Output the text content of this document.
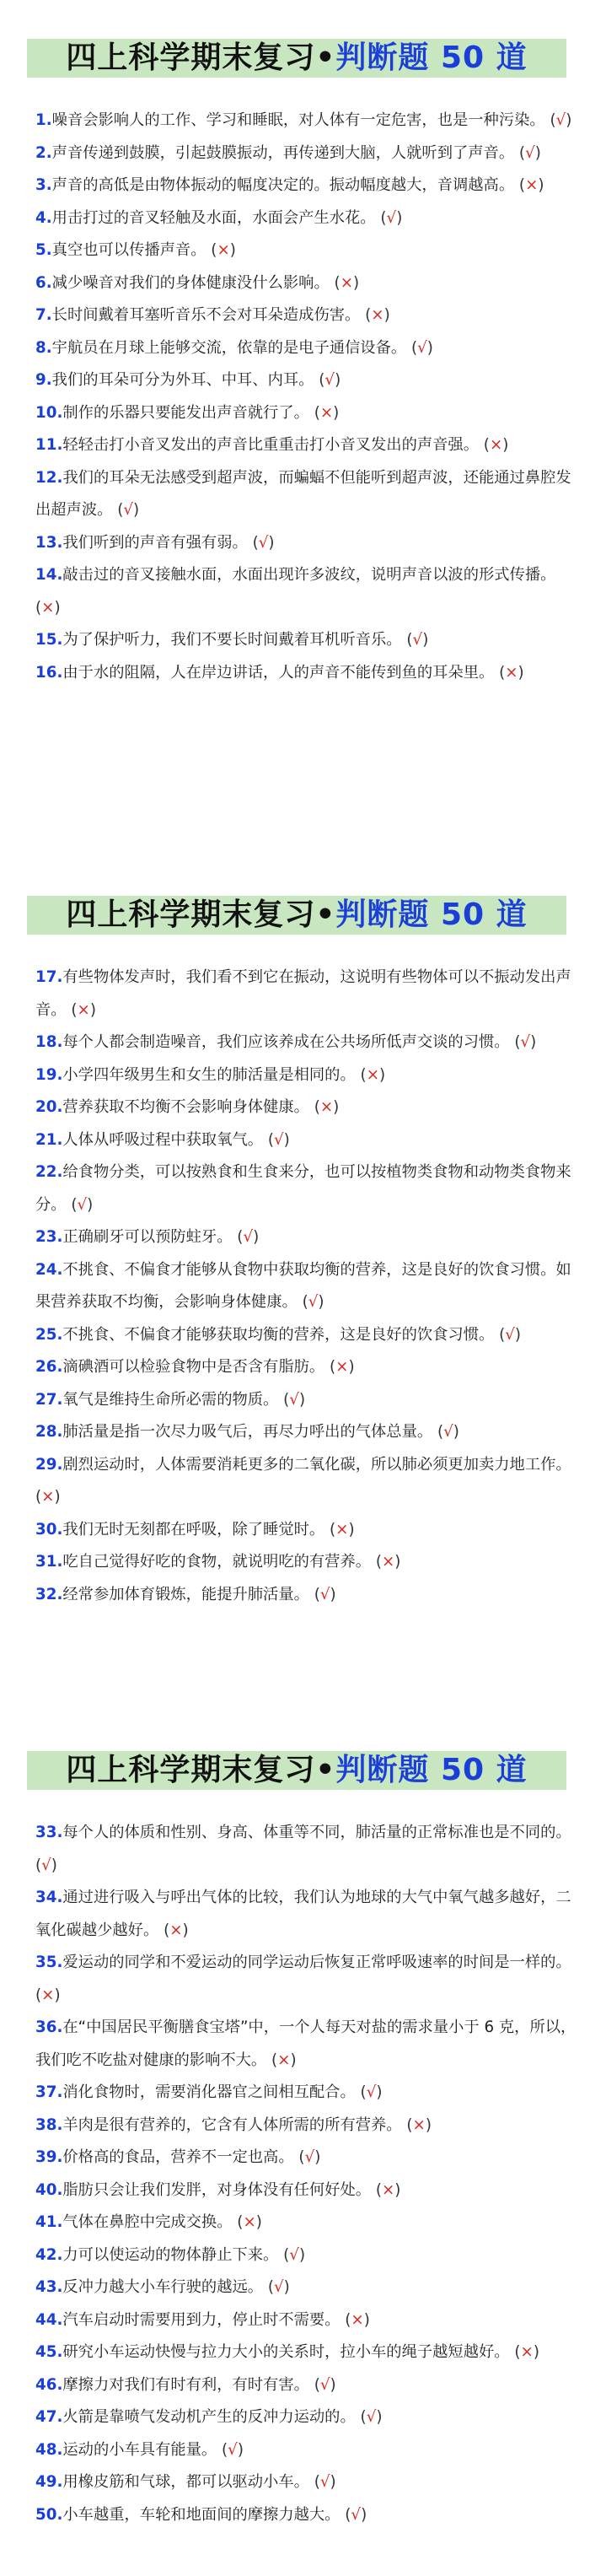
四上科学期末复习•判断题 50 道
1.噪音会影响人的工作、学习和睡眠，对人体有一定危害，也是一种污染。 (√)
2.声音传递到鼓膜，引起鼓膜振动，再传递到大脑，人就听到了声音。 (√)
3.声音的高低是由物体振动的幅度决定的。振动幅度越大，音调越高。 (×)
4.用击打过的音叉轻触及水面，水面会产生水花。 (√)
5.真空也可以传播声音。 (×)
6.减少噪音对我们的身体健康没什么影响。 (×)
7.长时间戴着耳塞听音乐不会对耳朵造成伤害。 (×)
8.宇航员在月球上能够交流，依靠的是电子通信设备。 (√)
9.我们的耳朵可分为外耳、中耳、内耳。 (√)
10.制作的乐器只要能发出声音就行了。 (×)
11.轻轻击打小音叉发出的声音比重重击打小音叉发出的声音强。 (×)
12.我们的耳朵无法感受到超声波，而蝙蝠不但能听到超声波，还能通过鼻腔发出超声波。 (√)
13.我们听到的声音有强有弱。 (√)
14.敲击过的音叉接触水面，水面出现许多波纹，说明声音以波的形式传播。 (×)
15.为了保护听力，我们不要长时间戴着耳机听音乐。 (√)
16.由于水的阻隔，人在岸边讲话，人的声音不能传到鱼的耳朵里。 (×)
四上科学期末复习•判断题 50 道
17.有些物体发声时，我们看不到它在振动，这说明有些物体可以不振动发出声音。 (×)
18.每个人都会制造噪音，我们应该养成在公共场所低声交谈的习惯。 (√)
19.小学四年级男生和女生的肺活量是相同的。 (×)
20.营养获取不均衡不会影响身体健康。 (×)
21.人体从呼吸过程中获取氧气。 (√)
22.给食物分类，可以按熟食和生食来分，也可以按植物类食物和动物类食物来分。 (√)
23.正确刷牙可以预防蛀牙。 (√)
24.不挑食、不偏食才能够从食物中获取均衡的营养，这是良好的饮食习惯。如果营养获取不均衡，会影响身体健康。 (√)
25.不挑食、不偏食才能够获取均衡的营养，这是良好的饮食习惯。 (√)
26.滴碘酒可以检验食物中是否含有脂肪。 (×)
27.氧气是维持生命所必需的物质。 (√)
28.肺活量是指一次尽力吸气后，再尽力呼出的气体总量。 (√)
29.剧烈运动时，人体需要消耗更多的二氧化碳，所以肺必须更加卖力地工作。 (×)
30.我们无时无刻都在呼吸，除了睡觉时。 (×)
31.吃自己觉得好吃的食物，就说明吃的有营养。 (×)
32.经常参加体育锻炼，能提升肺活量。 (√)
四上科学期末复习•判断题 50 道
33.每个人的体质和性别、身高、体重等不同，肺活量的正常标准也是不同的。 (√)
34.通过进行吸入与呼出气体的比较，我们认为地球的大气中氧气越多越好，二氧化碳越少越好。 (×)
35.爱运动的同学和不爱运动的同学运动后恢复正常呼吸速率的时间是一样的。 (×)
36.在“中国居民平衡膳食宝塔”中，一个人每天对盐的需求量小于 6 克，所以，我们吃不吃盐对健康的影响不大。 (×)
37.消化食物时，需要消化器官之间相互配合。 (√)
38.羊肉是很有营养的，它含有人体所需的所有营养。 (×)
39.价格高的食品，营养不一定也高。 (√)
40.脂肪只会让我们发胖，对身体没有任何好处。 (×)
41.气体在鼻腔中完成交换。 (×)
42.力可以使运动的物体静止下来。 (√)
43.反冲力越大小车行驶的越远。 (√)
44.汽车启动时需要用到力，停止时不需要。 (×)
45.研究小车运动快慢与拉力大小的关系时，拉小车的绳子越短越好。 (×)
46.摩擦力对我们有时有利，有时有害。 (√)
47.火箭是靠喷气发动机产生的反冲力运动的。 (√)
48.运动的小车具有能量。 (√)
49.用橡皮筋和气球，都可以驱动小车。 (√)
50.小车越重，车轮和地面间的摩擦力越大。 (√)
